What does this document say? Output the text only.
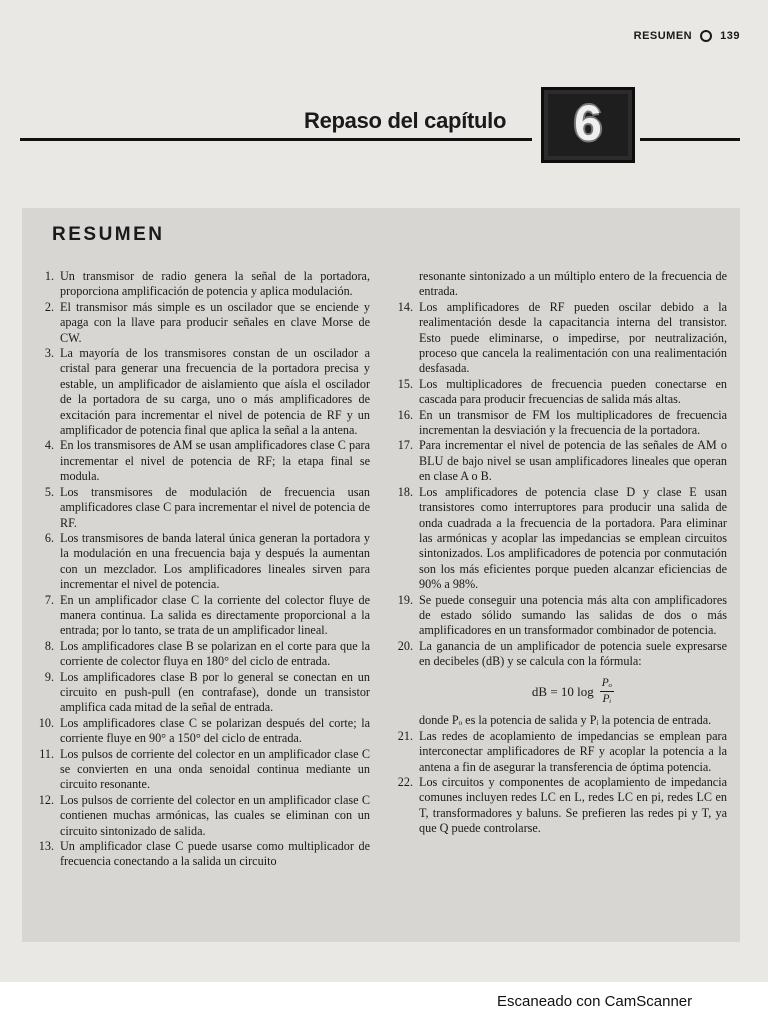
RESUMEN	139
Repaso del capítulo	6
RESUMEN
1. Un transmisor de radio genera la señal de la portadora, proporciona amplificación de potencia y aplica modulación.
2. El transmisor más simple es un oscilador que se enciende y apaga con la llave para producir señales en clave Morse de CW.
3. La mayoría de los transmisores constan de un oscilador a cristal para generar una frecuencia de la portadora precisa y estable, un amplificador de aislamiento que aísla el oscilador de la portadora de su carga, uno o más amplificadores de excitación para incrementar el nivel de potencia de RF y un amplificador de potencia final que aplica la señal a la antena.
4. En los transmisores de AM se usan amplificadores clase C para incrementar el nivel de potencia de RF; la etapa final se modula.
5. Los transmisores de modulación de frecuencia usan amplificadores clase C para incrementar el nivel de potencia de RF.
6. Los transmisores de banda lateral única generan la portadora y la modulación en una frecuencia baja y después la aumentan con un mezclador. Los amplificadores lineales sirven para incrementar el nivel de potencia.
7. En un amplificador clase C la corriente del colector fluye de manera continua. La salida es directamente proporcional a la entrada; por lo tanto, se trata de un amplificador lineal.
8. Los amplificadores clase B se polarizan en el corte para que la corriente de colector fluya en 180° del ciclo de entrada.
9. Los amplificadores clase B por lo general se conectan en un circuito en push-pull (en contrafase), donde un transistor amplifica cada mitad de la señal de entrada.
10. Los amplificadores clase C se polarizan después del corte; la corriente fluye en 90° a 150° del ciclo de entrada.
11. Los pulsos de corriente del colector en un amplificador clase C se convierten en una onda senoidal continua mediante un circuito resonante.
12. Los pulsos de corriente del colector en un amplificador clase C contienen muchas armónicas, las cuales se eliminan con un circuito sintonizado de salida.
13. Un amplificador clase C puede usarse como multiplicador de frecuencia conectando a la salida un circuito
resonante sintonizado a un múltiplo entero de la frecuencia de entrada.
14. Los amplificadores de RF pueden oscilar debido a la realimentación desde la capacitancia interna del transistor. Esto puede eliminarse, o impedirse, por neutralización, proceso que cancela la realimentación con una realimentación desfasada.
15. Los multiplicadores de frecuencia pueden conectarse en cascada para producir frecuencias de salida más altas.
16. En un transmisor de FM los multiplicadores de frecuencia incrementan la desviación y la frecuencia de la portadora.
17. Para incrementar el nivel de potencia de las señales de AM o BLU de bajo nivel se usan amplificadores lineales que operan en clase A o B.
18. Los amplificadores de potencia clase D y clase E usan transistores como interruptores para producir una salida de onda cuadrada a la frecuencia de la portadora. Para eliminar las armónicas y acoplar las impedancias se emplean circuitos sintonizados. Los amplificadores de potencia por conmutación son los más eficientes porque pueden alcanzar eficiencias de 90% a 98%.
19. Se puede conseguir una potencia más alta con amplificadores de estado sólido sumando las salidas de dos o más amplificadores en un transformador combinador de potencia.
20. La ganancia de un amplificador de potencia suele expresarse en decibeles (dB) y se calcula con la fórmula:
dB = 10 $\log \frac{\text{Pₒ}}{\text{Pᵢ}}$
donde Pₒ es la potencia de salida y Pᵢ la potencia de entrada.
21. Las redes de acoplamiento de impedancias se emplean para interconectar amplificadores de RF y acoplar la potencia a la antena a fin de asegurar la transferencia de óptima potencia.
22. Los circuitos y componentes de acoplamiento de impedancia comunes incluyen redes LC en L, redes LC en pi, redes LC en T, transformadores y baluns. Se prefieren las redes pi y T, ya que Q puede controlarse.
Escaneado con CamScanner
